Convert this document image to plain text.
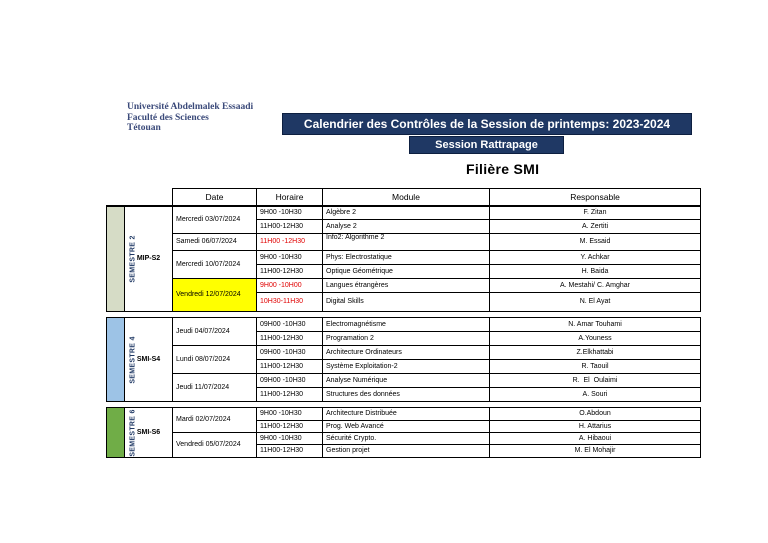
Université Abdelmalek Essaadi
Faculté des Sciences
Tétouan	Calendrier des Contrôles de la Session de printemps: 2023-2024
Session Rattrapage
Filière SMI
		Date	Horaire	Module	Responsable
SEMESTRE 2	MIP-S2	Mercredi 03/07/2024	9H00 -10H30	Algèbre 2	F. Zitan
			11H00-12H30	Analyse 2	A. Zertiti
		Samedi 06/07/2024	11H00 -12H30	Info2: Algorithme 2	M. Essaid
		Mercredi 10/07/2024	9H00 -10H30	Phys: Electrostatique	Y. Achkar
			11H00-12H30	Optique Géométrique	H. Baida
		Vendredi 12/07/2024	9H00 -10H00	Langues étrangères	A. Mestahi/ C. Amghar
			10H30-11H30	Digital Skills	N. El Ayat

SEMESTRE 4	SMI-S4	Jeudi 04/07/2024	09H00 -10H30	Electromagnétisme	N. Amar Touhami
			11H00-12H30	Programation 2	A.Youness
		Lundi 08/07/2024	09H00 -10H30	Architecture Ordinateurs	Z.Elkhattabi
			11H00-12H30	Système Exploitation-2	R. Taouil
		Jeudi 11/07/2024	09H00 -10H30	Analyse Numérique	R.  El  Oulaimi
			11H00-12H30	Structures des données	A. Souri

SEMESTRE 6	SMI-S6	Mardi 02/07/2024	9H00 -10H30	Architecture Distribuée	O.Abdoun
			11H00-12H30	Prog. Web Avancé	H. Attarius
		Vendredi 05/07/2024	9H00 -10H30	Sécurité Crypto.	A. Hibaoui
			11H00-12H30	Gestion projet	M. El Mohajir
